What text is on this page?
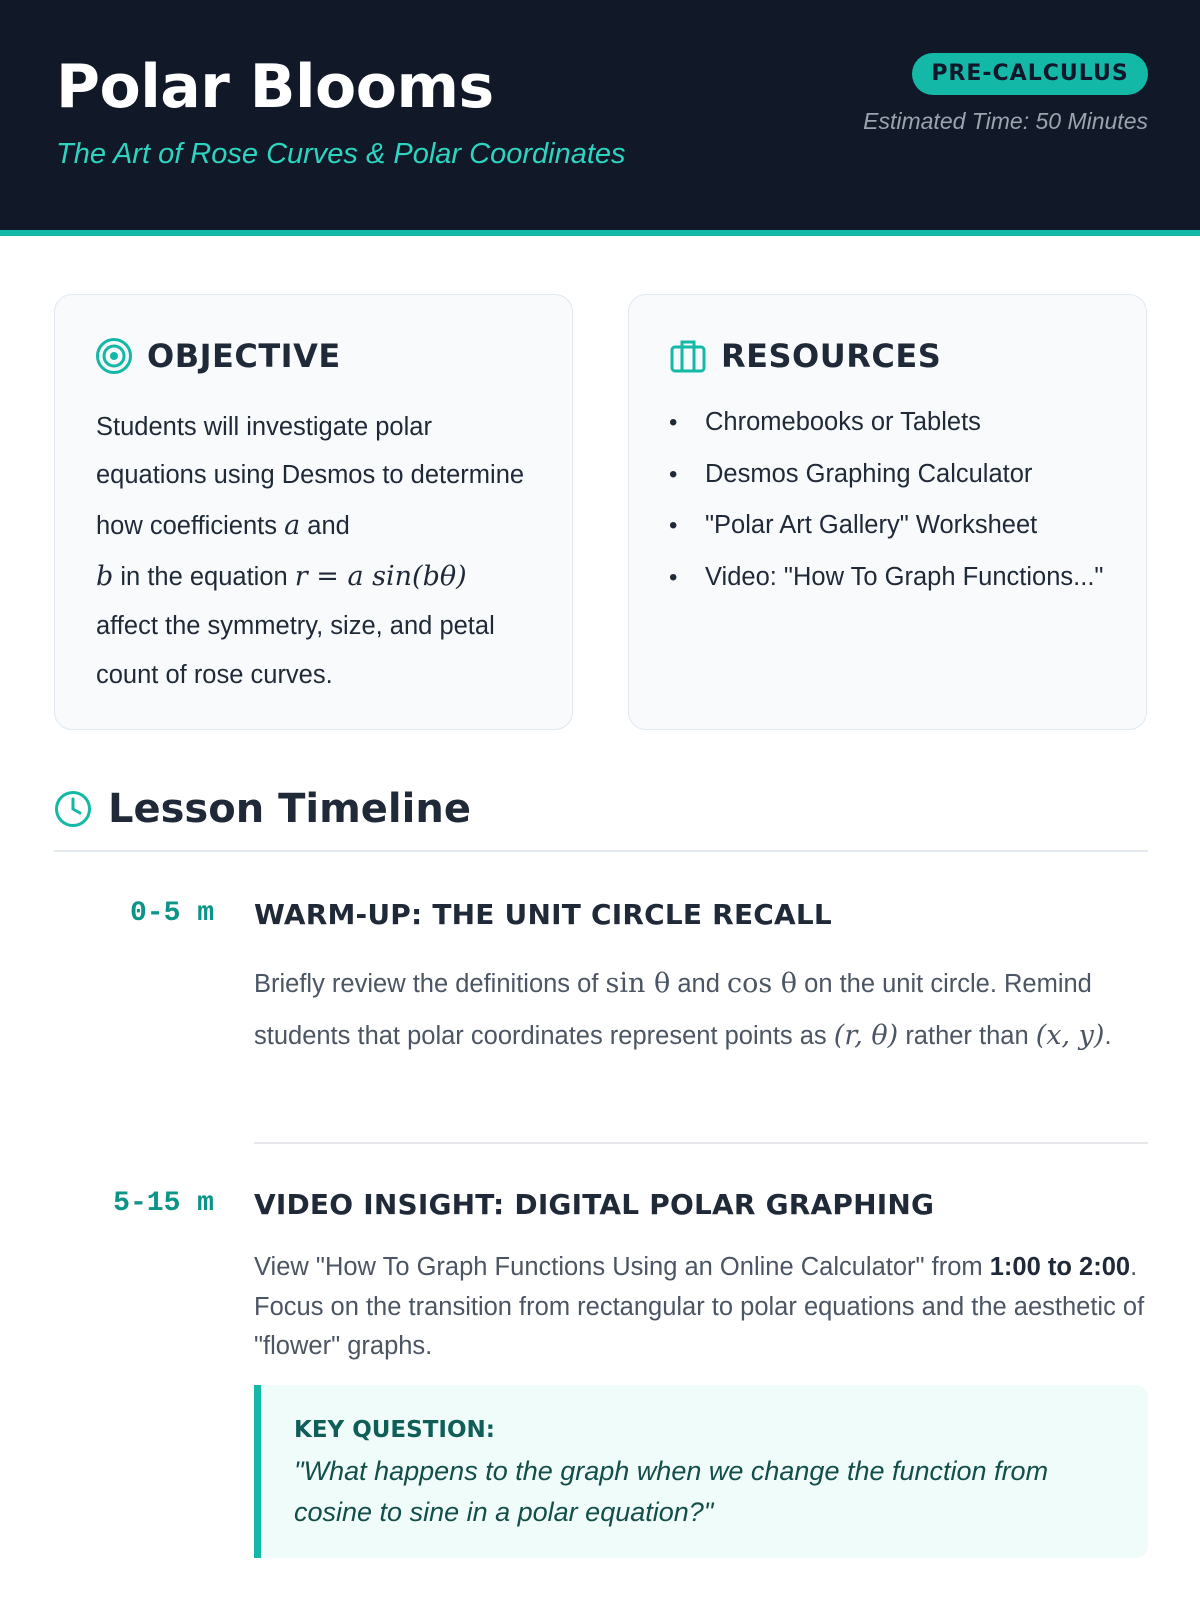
Polar Blooms
The Art of Rose Curves & Polar Coordinates
PRE-CALCULUS
Estimated Time: 50 Minutes
OBJECTIVE
Students will investigate polar equations using Desmos to determine how coefficients a and
b in the equation r = a sin(bθ)
affect the symmetry, size, and petal count of rose curves.
RESOURCES
• Chromebooks or Tablets
• Desmos Graphing Calculator
• "Polar Art Gallery" Worksheet
• Video: "How To Graph Functions..."
Lesson Timeline
0-5 m WARM-UP: THE UNIT CIRCLE RECALL
Briefly review the definitions of sin θ and cos θ on the unit circle. Remind students that polar coordinates represent points as (r, θ) rather than (x, y).
5-15 m VIDEO INSIGHT: DIGITAL POLAR GRAPHING
View "How To Graph Functions Using an Online Calculator" from 1:00 to 2:00. Focus on the transition from rectangular to polar equations and the aesthetic of "flower" graphs.
KEY QUESTION:
"What happens to the graph when we change the function from cosine to sine in a polar equation?"
